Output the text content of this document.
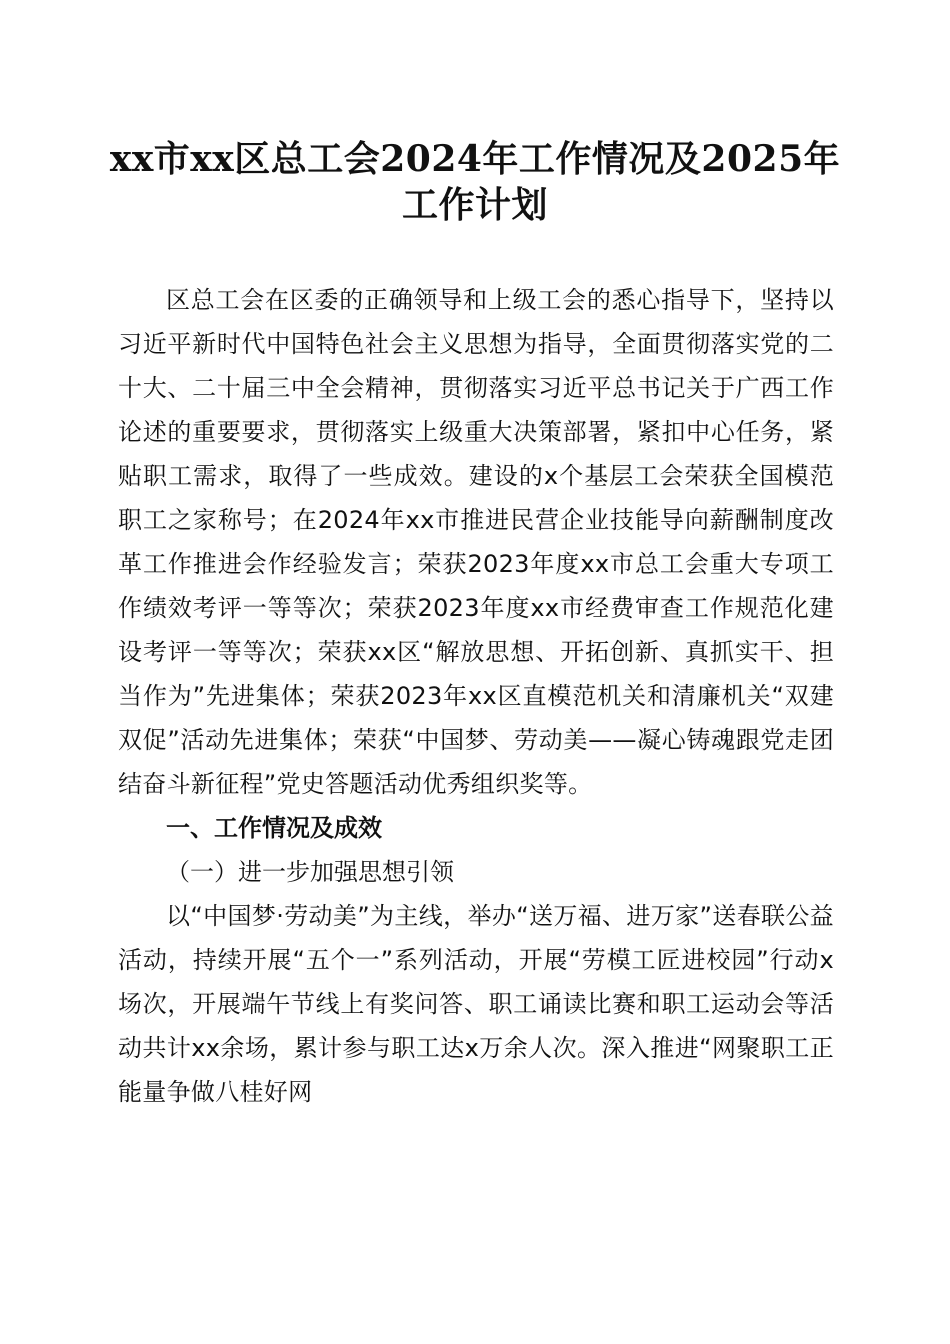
xx市xx区总工会2024年工作情况及2025年
工作计划

区总工会在区委的正确领导和上级工会的悉心指导下，坚持以习近平新时代中国特色社会主义思想为指导，全面贯彻落实党的二十大、二十届三中全会精神，贯彻落实习近平总书记关于广西工作论述的重要要求，贯彻落实上级重大决策部署，紧扣中心任务，紧贴职工需求，取得了一些成效。建设的x个基层工会荣获全国模范职工之家称号；在2024年xx市推进民营企业技能导向薪酬制度改革工作推进会作经验发言；荣获2023年度xx市总工会重大专项工作绩效考评一等等次；荣获2023年度xx市经费审查工作规范化建设考评一等等次；荣获xx区“解放思想、开拓创新、真抓实干、担当作为”先进集体；荣获2023年xx区直模范机关和清廉机关“双建双促”活动先进集体；荣获“中国梦、劳动美——凝心铸魂跟党走团结奋斗新征程”党史答题活动优秀组织奖等。

一、工作情况及成效
（一）进一步加强思想引领

以“中国梦·劳动美”为主线，举办“送万福、进万家”送春联公益活动，持续开展“五个一”系列活动，开展“劳模工匠进校园”行动x场次，开展端午节线上有奖问答、职工诵读比赛和职工运动会等活动共计xx余场，累计参与职工达x万余人次。深入推进“网聚职工正能量争做八桂好网
